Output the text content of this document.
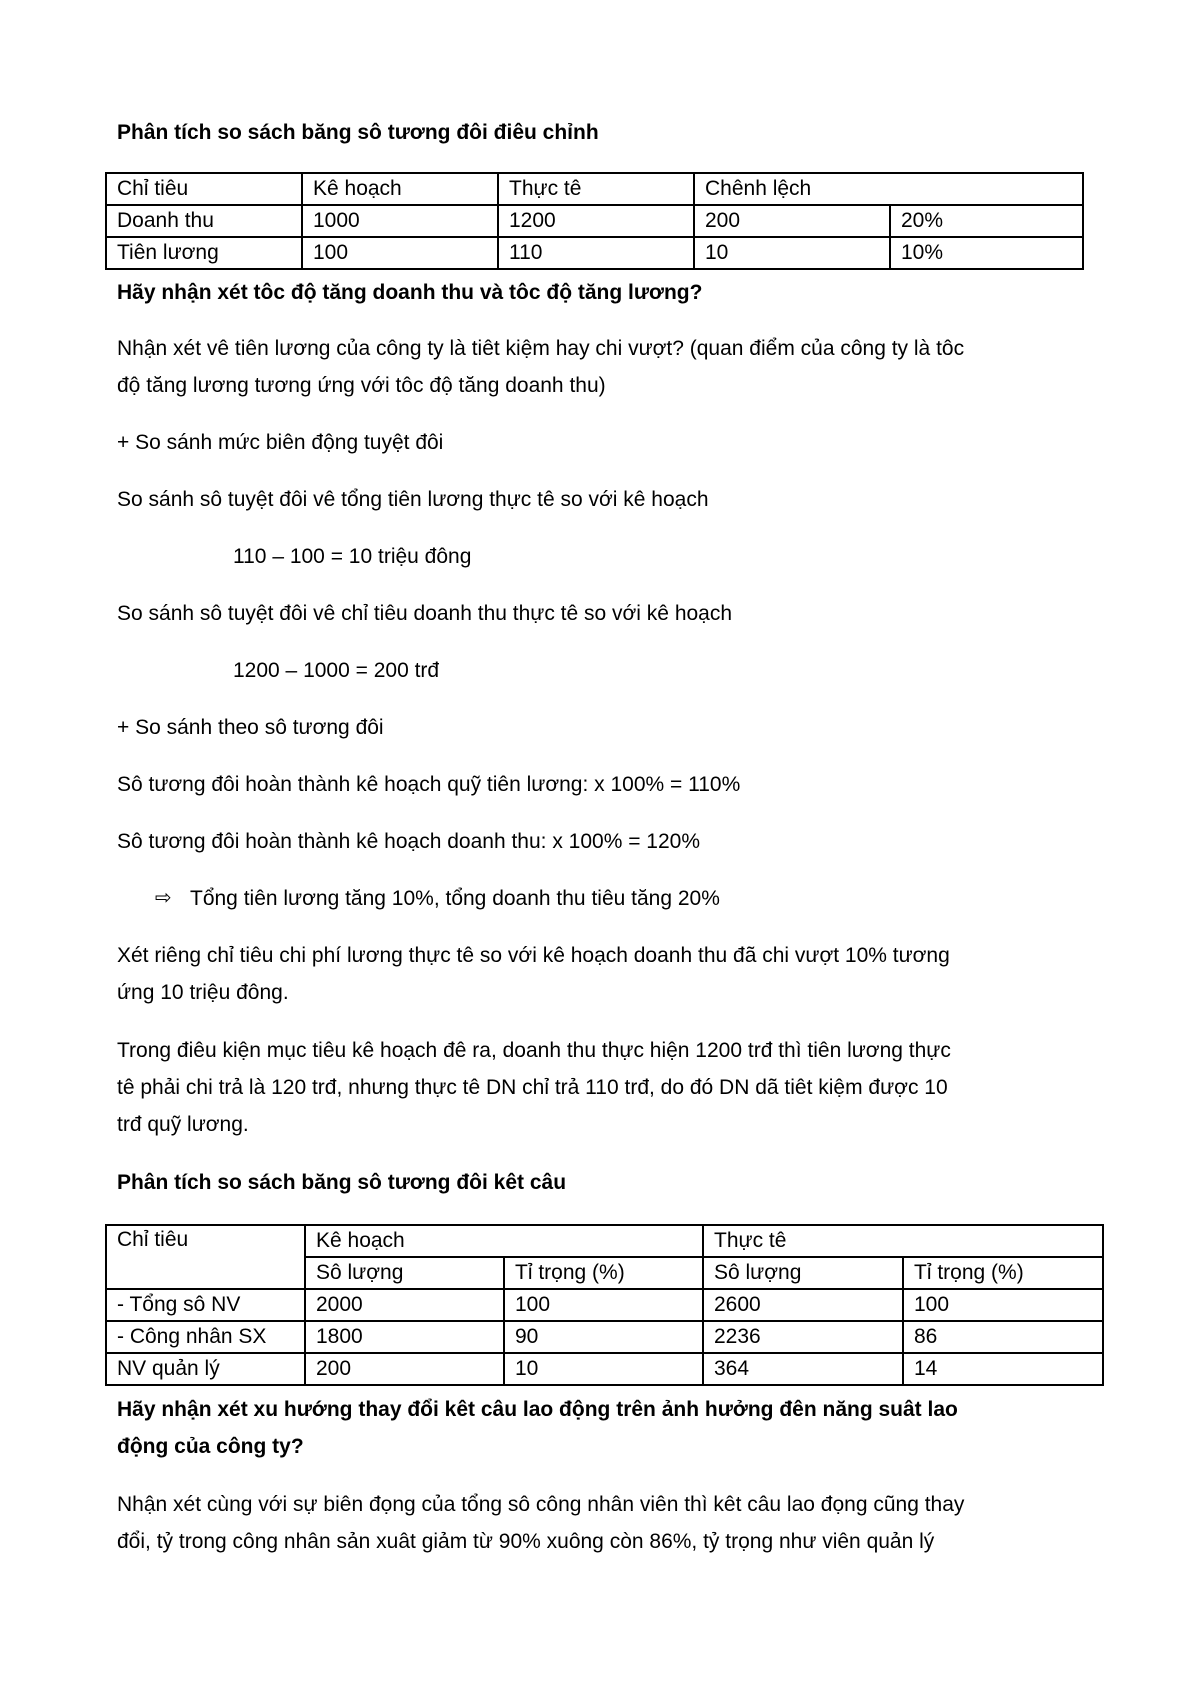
Phân tích so sách băng sô tương đôi điêu chỉnh
Chỉ tiêu	Kê hoạch	Thực tê	Chênh lệch	
Doanh thu	1000	1200	200	20%
Tiên lương	100	110	10	10%
Hãy nhận xét tôc độ tăng doanh thu và tôc độ tăng lương?
Nhận xét vê tiên lương của công ty là tiêt kiệm hay chi vượt? (quan điểm của công ty là tôc
độ tăng lương tương ứng với tôc độ tăng doanh thu)
+ So sánh mức biên động tuyệt đôi
So sánh sô tuyệt đôi vê tổng tiên lương thực tê so với kê hoạch
110 – 100 = 10 triệu đông
So sánh sô tuyệt đôi vê chỉ tiêu doanh thu thực tê so với kê hoạch
1200 – 1000 = 200 trđ
+ So sánh theo sô tương đôi
Sô tương đôi hoàn thành kê hoạch quỹ tiên lương: x 100% = 110%
Sô tương đôi hoàn thành kê hoạch doanh thu: x 100% = 120%
⇨ Tổng tiên lương tăng 10%, tổng doanh thu tiêu tăng 20%
Xét riêng chỉ tiêu chi phí lương thực tê so với kê hoạch doanh thu đã chi vượt 10% tương
ứng 10 triệu đông.
Trong điêu kiện mục tiêu kê hoạch đê ra, doanh thu thực hiện 1200 trđ thì tiên lương thực
tê phải chi trả là 120 trđ, nhưng thực tê DN chỉ trả 110 trđ, do đó DN dã tiêt kiệm được 10
trđ quỹ lương.
Phân tích so sách băng sô tương đôi kêt câu
Chỉ tiêu	Kê hoạch		Thực tê	
	Sô lượng	Tỉ trọng (%)	Sô lượng	Tỉ trọng (%)
- Tổng sô NV	2000	100	2600	100
- Công nhân SX	1800	90	2236	86
NV quản lý	200	10	364	14
Hãy nhận xét xu hướng thay đổi kêt câu lao động trên ảnh hưởng đên năng suât lao
động của công ty?
Nhận xét cùng với sự biên đọng của tổng sô công nhân viên thì kêt câu lao đọng cũng thay
đổi, tỷ trong công nhân sản xuât giảm từ 90% xuông còn 86%, tỷ trọng như viên quản lý
